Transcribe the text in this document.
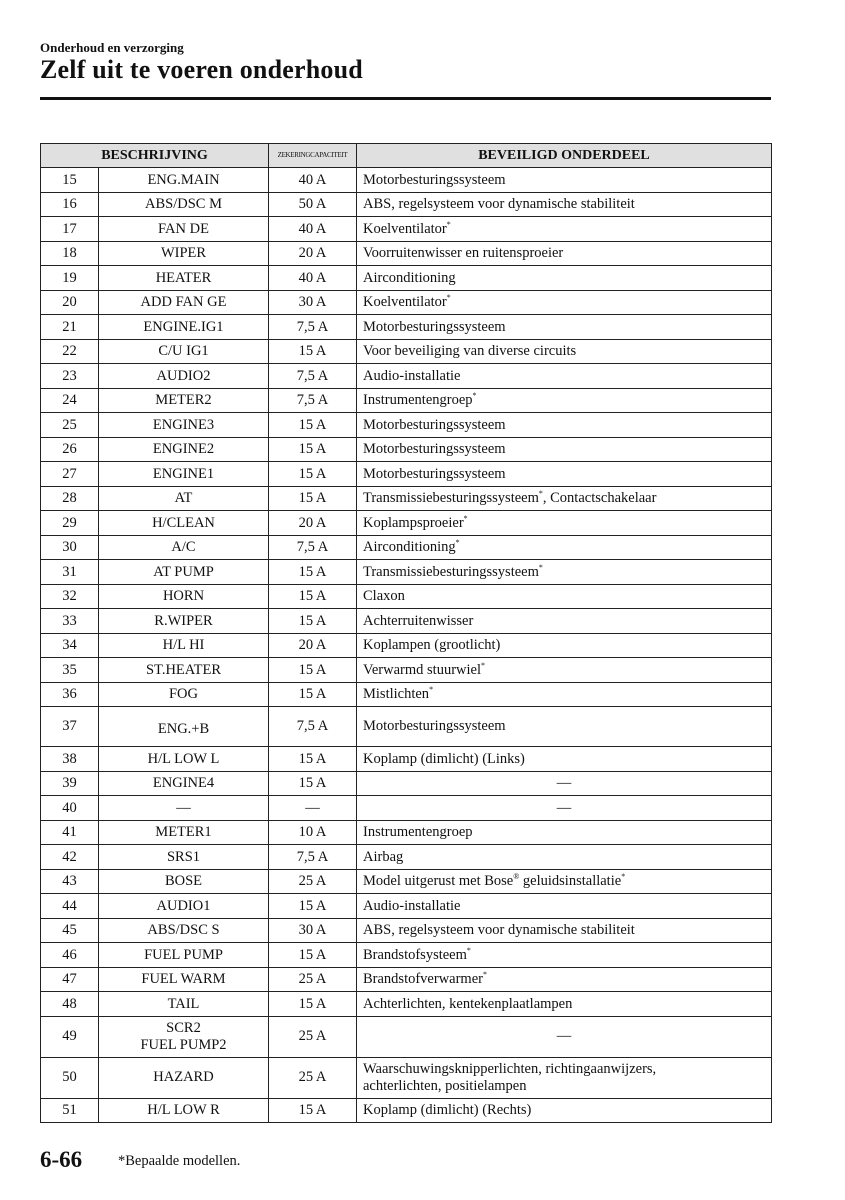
Onderhoud en verzorging
Zelf uit te voeren onderhoud
BESCHRIJVING		ZEKERINGCAPACITEIT	BEVEILIGD ONDERDEEL
15	ENG.MAIN	40 A	Motorbesturingssysteem
16	ABS/DSC M	50 A	ABS, regelsysteem voor dynamische stabiliteit
17	FAN DE	40 A	Koelventilator*
18	WIPER	20 A	Voorruitenwisser en ruitensproeier
19	HEATER	40 A	Airconditioning
20	ADD FAN GE	30 A	Koelventilator*
21	ENGINE.IG1	7,5 A	Motorbesturingssysteem
22	C/U IG1	15 A	Voor beveiliging van diverse circuits
23	AUDIO2	7,5 A	Audio-installatie
24	METER2	7,5 A	Instrumentengroep*
25	ENGINE3	15 A	Motorbesturingssysteem
26	ENGINE2	15 A	Motorbesturingssysteem
27	ENGINE1	15 A	Motorbesturingssysteem
28	AT	15 A	Transmissiebesturingssysteem*, Contactschakelaar
29	H/CLEAN	20 A	Koplampsproeier*
30	A/C	7,5 A	Airconditioning*
31	AT PUMP	15 A	Transmissiebesturingssysteem*
32	HORN	15 A	Claxon
33	R.WIPER	15 A	Achterruitenwisser
34	H/L HI	20 A	Koplampen (grootlicht)
35	ST.HEATER	15 A	Verwarmd stuurwiel*
36	FOG	15 A	Mistlichten*
37	ENG.+B	7,5 A	Motorbesturingssysteem
38	H/L LOW L	15 A	Koplamp (dimlicht) (Links)
39	ENGINE4	15 A	—
40	—	—	—
41	METER1	10 A	Instrumentengroep
42	SRS1	7,5 A	Airbag
43	BOSE	25 A	Model uitgerust met Bose® geluidsinstallatie*
44	AUDIO1	15 A	Audio-installatie
45	ABS/DSC S	30 A	ABS, regelsysteem voor dynamische stabiliteit
46	FUEL PUMP	15 A	Brandstofsysteem*
47	FUEL WARM	25 A	Brandstofverwarmer*
48	TAIL	15 A	Achterlichten, kentekenplaatlampen
49	SCR2
FUEL PUMP2	25 A	—
50	HAZARD	25 A	Waarschuwingsknipperlichten, richtingaanwijzers,
achterlichten, positielampen
51	H/L LOW R	15 A	Koplamp (dimlicht) (Rechts)
6-66 *Bepaalde modellen.
